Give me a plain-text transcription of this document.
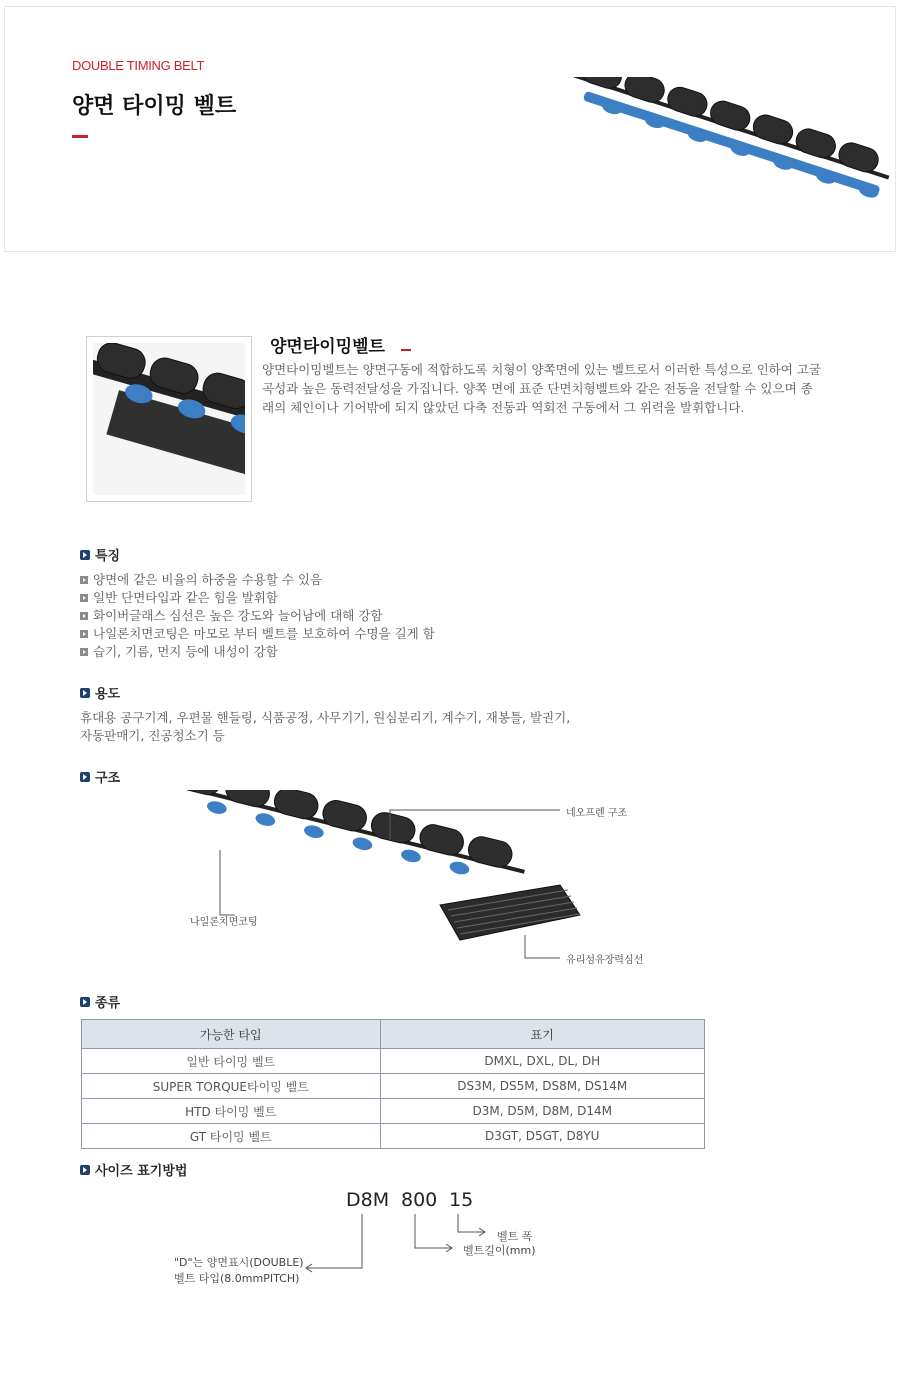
DOUBLE TIMING BELT
양면 타이밍 벨트
양면타이밍벨트
양면타이밍벨트는 양면구동에 적합하도록 치형이 양쪽면에 있는 벨트로서 이러한 특성으로 인하여 고굴
곡성과 높은 동력전달성을 가집니다. 양쪽 면에 표준 단면치형벨트와 같은 전동을 전달할 수 있으며 종
래의 체인이나 기어밖에 되지 않았던 다축 전동과 역회전 구동에서 그 위력을 발휘합니다.
특징
양면에 같은 비율의 하중을 수용할 수 있음
일반 단면타입과 같은 힘을 발휘함
화이버글래스 심선은 높은 강도와 늘어남에 대해 강함
나일론치면코팅은 마모로 부터 벨트를 보호하여 수명을 길게 함
습기, 기름, 먼지 등에 내성이 강함
용도
휴대용 공구기계, 우편물 핸들링, 식품공정, 사무기기, 원심분리기, 계수기, 재봉틀, 발권기,
자동판매기, 진공청소기 등
구조
네오프렌 구조
나일론치면코팅
유리섬유장력심선
종류
가능한 타입	표기
일반 타이밍 벨트	DMXL, DXL, DL, DH
SUPER TORQUE타이밍 벨트	DS3M, DS5M, DS8M, DS14M
HTD 타이밍 벨트	D3M, D5M, D8M, D14M
GT 타이밍 벨트	D3GT, D5GT, D8YU
사이즈 표기방법
D8M 800 15
벨트 폭
벨트길이(mm)
"D"는 양면표시(DOUBLE)
벨트 타입(8.0mmPITCH)
